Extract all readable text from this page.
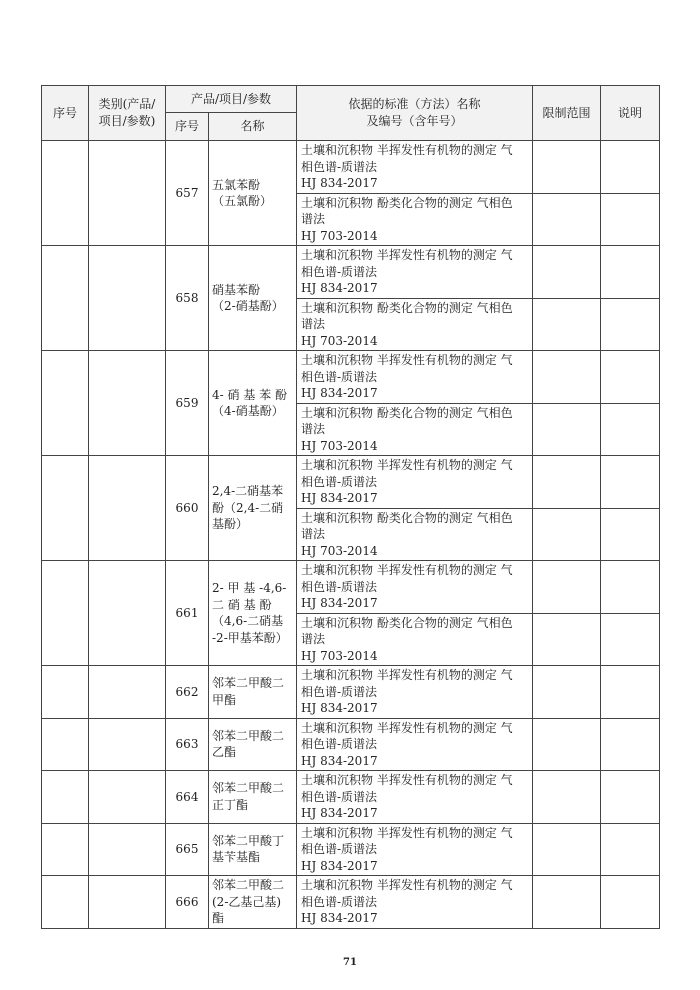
序号	类别(产品/
项目/参数)	产品/项目/参数		依据的标准（方法）名称
及编号（含年号）	限制范围	说明
		序号	名称			
		657	五氯苯酚
（五氯酚）	土壤和沉积物 半挥发性有机物的测定 气
相色谱-质谱法
HJ 834-2017		

				土壤和沉积物 酚类化合物的测定 气相色
谱法
HJ 703-2014		

		658	硝基苯酚
（2-硝基酚）	土壤和沉积物 半挥发性有机物的测定 气
相色谱-质谱法
HJ 834-2017		

				土壤和沉积物 酚类化合物的测定 气相色
谱法
HJ 703-2014		

		659	4- 硝 基 苯 酚
（4-硝基酚）	土壤和沉积物 半挥发性有机物的测定 气
相色谱-质谱法
HJ 834-2017		

				土壤和沉积物 酚类化合物的测定 气相色
谱法
HJ 703-2014		

		660	2,4-二硝基苯
酚（2,4-二硝
基酚）	土壤和沉积物 半挥发性有机物的测定 气
相色谱-质谱法
HJ 834-2017		

				土壤和沉积物 酚类化合物的测定 气相色
谱法
HJ 703-2014		

		661	2- 甲 基 -4,6-
二 硝 基 酚
（4,6-二硝基
-2-甲基苯酚）	土壤和沉积物 半挥发性有机物的测定 气
相色谱-质谱法
HJ 834-2017		

				土壤和沉积物 酚类化合物的测定 气相色
谱法
HJ 703-2014		

		662	邻苯二甲酸二
甲酯	土壤和沉积物 半挥发性有机物的测定 气
相色谱-质谱法
HJ 834-2017		

		663	邻苯二甲酸二
乙酯	土壤和沉积物 半挥发性有机物的测定 气
相色谱-质谱法
HJ 834-2017		

		664	邻苯二甲酸二
正丁酯	土壤和沉积物 半挥发性有机物的测定 气
相色谱-质谱法
HJ 834-2017		

		665	邻苯二甲酸丁
基苄基酯	土壤和沉积物 半挥发性有机物的测定 气
相色谱-质谱法
HJ 834-2017		

		666	邻苯二甲酸二
(2-乙基己基)
酯	土壤和沉积物 半挥发性有机物的测定 气
相色谱-质谱法
HJ 834-2017		

71
